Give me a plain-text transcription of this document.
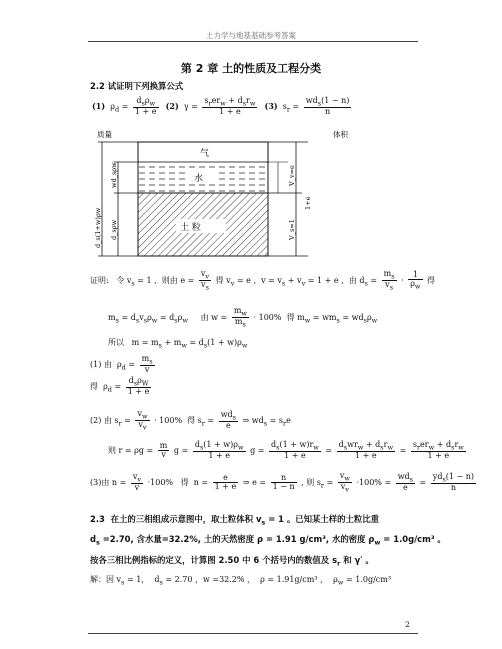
土力学与地基基础参考答案
第 2 章 土的性质及工程分类
2.2 试证明下列换算公式
(1)  $\rho_d = \frac{d_s\rho_w}{1 + e} (2) \gamma = \frac{s_rer_w + d_sr_w}{1 + e} (3) s_r = \frac{wd_s(1 - n)}{n}$
质量	体积
d_s(1+w)ρw
wd_sρw
d_sρw
气
水
土 粒
V_v=e
1+e
V_s=1
证明:   令 $v_s = 1$ ,  则由 $e = \frac{v_v}{v_s}$ 得 $v_v = e$ ,  $v = v_s + v_v = 1 + e$ ,  由 $d_s = \frac{m_s}{v_s} \cdot \frac{1}{\rho_w}$ 得
$m_s = d_sv_s\rho_w = d_s\rho_w$     由 $w = \frac{m_w}{m_s} \cdot 100\%$  得 $m_w = wm_s = wd_s\rho_w$
所以   $m = m_s + m_w = d_s(1 + w)\rho_w$
(1) 由  $\rho_d = \frac{m_s}{v}$
得  $\rho_d = \frac{d_s\rho_W}{1 + e}$
(2) 由 $s_r = \frac{v_w}{v_v} \cdot 100\%$  得 $s_r = \frac{wd_s}{e}$ ⇒ $wd_s = s_re$
则 $r = \rho g = \frac{m}{v}$ $g = \frac{d_s(1 + w)\rho_w}{1 + e}$ $g = \frac{d_s(1 + w)r_w}{1 + e} = \frac{d_swr_w + d_sr_w}{1 + e} = \frac{s_rer_w + d_sr_w}{1 + e}$
(3)由 $n = \frac{v_v}{v} \cdot 100\%$   得  $n = \frac{e}{1 + e}$ ⇒ $e = \frac{n}{1 - n}$ , 则 $s_r = \frac{v_w}{v_v} \cdot 100\% = \frac{wd_s}{e} = \frac{yd_s(1 - n)}{n}$
2.3  在土的三相组成示意图中，取土粒体积 $v_s = 1$ 。已知某土样的土粒比重
$d_s =2.70$, 含水量=32.2%, 土的天然密度 ρ = 1.91 g/cm³, 水的密度 $\rho_w = 1.0g/cm^3$ 。
按各三相比例指标的定义，计算图 2.50 中 6 个括号内的数值及 $s_r$ 和 γ′ 。
解：因 $v_s = 1$，  $d_s = 2.70$ ，w =32.2% ，  ρ = 1.91g/cm³ ，  $\rho_w = 1.0g/cm^3$
2
